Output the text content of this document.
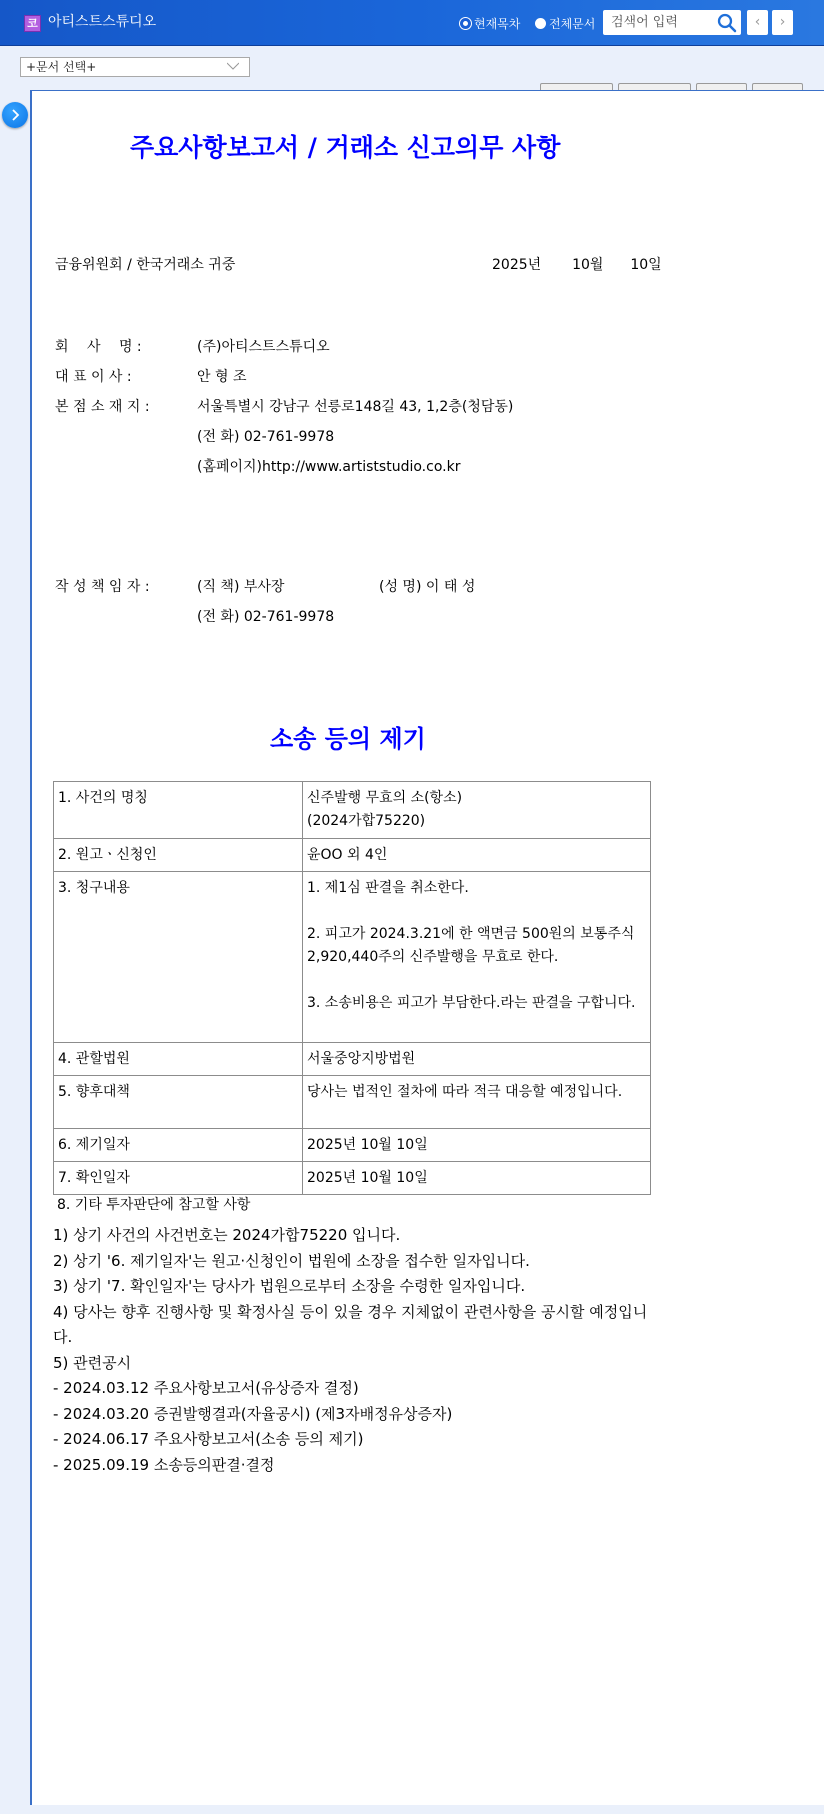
코 아티스트스튜디오	현재목차 전체문서
검색어 입력	‹	›
+문서 선택+
주요사항보고서 / 거래소 신고의무 사항
금융위원회 / 한국거래소 귀중	2025년 10월 10일
회　 사　 명 :	(주)아티스트스튜디오
대 표 이 사 :	안 형 조
본 점 소 재 지 :	서울특별시 강남구 선릉로148길 43, 1,2층(청담동)
(전 화) 02-761-9978
(홈페이지)http://www.artiststudio.co.kr
작 성 책 임 자 :	(직 책) 부사장	(성 명) 이 태 성
(전 화) 02-761-9978
소송 등의 제기
1. 사건의 명칭	신주발행 무효의 소(항소)
(2024가합75220)

2. 원고ㆍ신청인	윤OO 외 4인
3. 청구내용	1. 제1심 판결을 취소한다.
2. 피고가 2024.3.21에 한 액면금 500원의 보통주식 2,920,440주의 신주발행을 무효로 한다.
3. 소송비용은 피고가 부담한다.라는 판결을 구합니다.

4. 관할법원	서울중앙지방법원
5. 향후대책	당사는 법적인 절차에 따라 적극 대응할 예정입니다.
6. 제기일자	2025년 10월 10일
7. 확인일자	2025년 10월 10일
8. 기타 투자판단에 참고할 사항
1) 상기 사건의 사건번호는 2024가합75220 입니다.
2) 상기 '6. 제기일자'는 원고·신청인이 법원에 소장을 접수한 일자입니다.
3) 상기 '7. 확인일자'는 당사가 법원으로부터 소장을 수령한 일자입니다.
4) 당사는 향후 진행사항 및 확정사실 등이 있을 경우 지체없이 관련사항을 공시할 예정입니다.
5) 관련공시
- 2024.03.12 주요사항보고서(유상증자 결정)
- 2024.03.20 증권발행결과(자율공시) (제3자배정유상증자)
- 2024.06.17 주요사항보고서(소송 등의 제기)
- 2025.09.19 소송등의판결·결정
